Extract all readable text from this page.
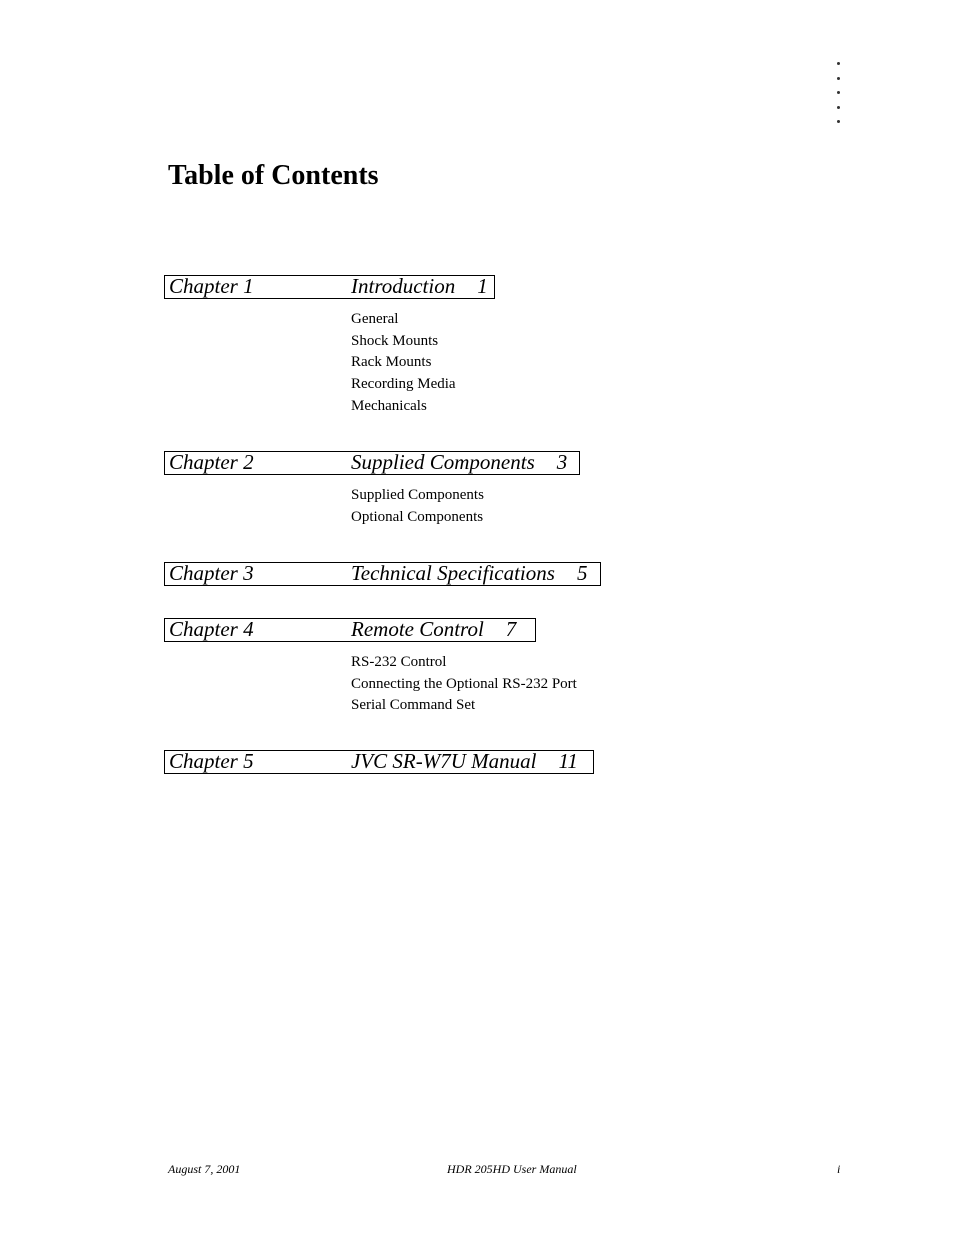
Table of Contents
Chapter 1	Introduction 1
General
Shock Mounts
Rack Mounts
Recording Media
Mechanicals
Chapter 2	Supplied Components 3
Supplied Components
Optional Components
Chapter 3	Technical Specifications 5
Chapter 4	Remote Control 7
RS-232 Control
Connecting the Optional RS-232 Port
Serial Command Set
Chapter 5	JVC SR-W7U Manual 11
August 7, 2001	HDR 205HD User Manual	i
